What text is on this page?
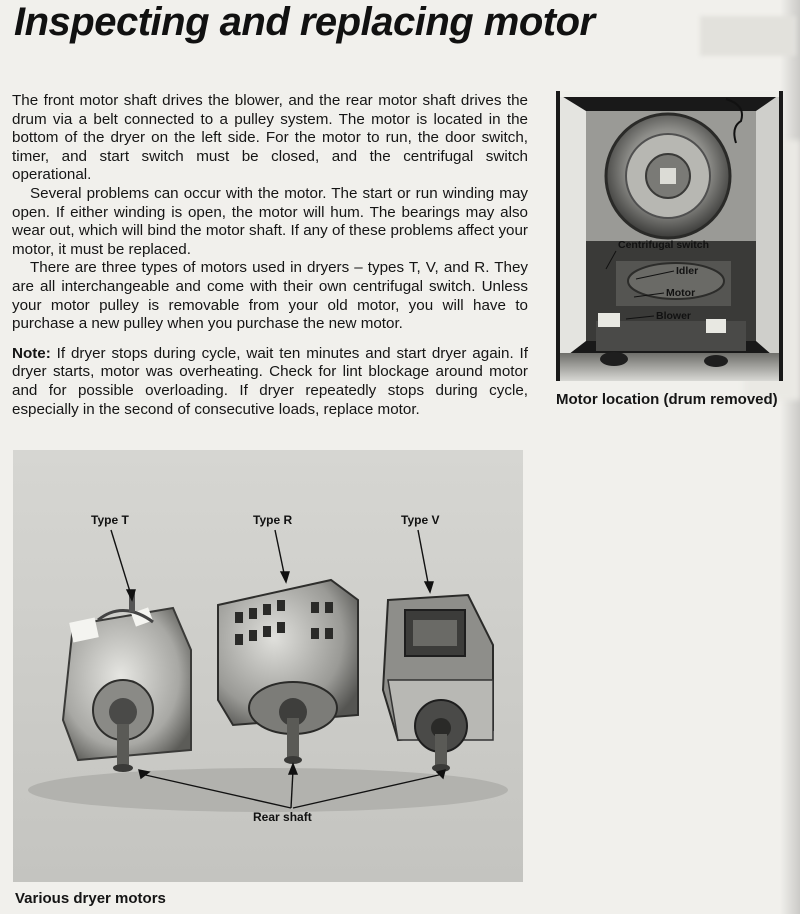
Inspecting and replacing motor

The front motor shaft drives the blower, and the rear motor shaft drives the drum via a belt connected to a pulley system. The motor is located in the bottom of the dryer on the left side. For the motor to run, the door switch, timer, and start switch must be closed, and the centrifugal switch operational.

Several problems can occur with the motor. The start or run winding may open. If either winding is open, the motor will hum. The bearings may also wear out, which will bind the motor shaft. If any of these problems affect your motor, it must be replaced.

There are three types of motors used in dryers – types T, V, and R. They are all interchangeable and come with their own centrifugal switch. Unless your motor pulley is removable from your old motor, you will have to purchase a new pulley when you purchase the new motor.

Note: If dryer stops during cycle, wait ten minutes and start dryer again. If dryer starts, motor was overheating. Check for lint blockage around motor and for possible overloading. If dryer repeatedly stops during cycle, especially in the second of consecutive loads, replace motor.

Centrifugal switch
Idler
Motor
Blower
Motor location (drum removed)
Type T	Type R	Type V
Rear shaft
Various dryer motors
